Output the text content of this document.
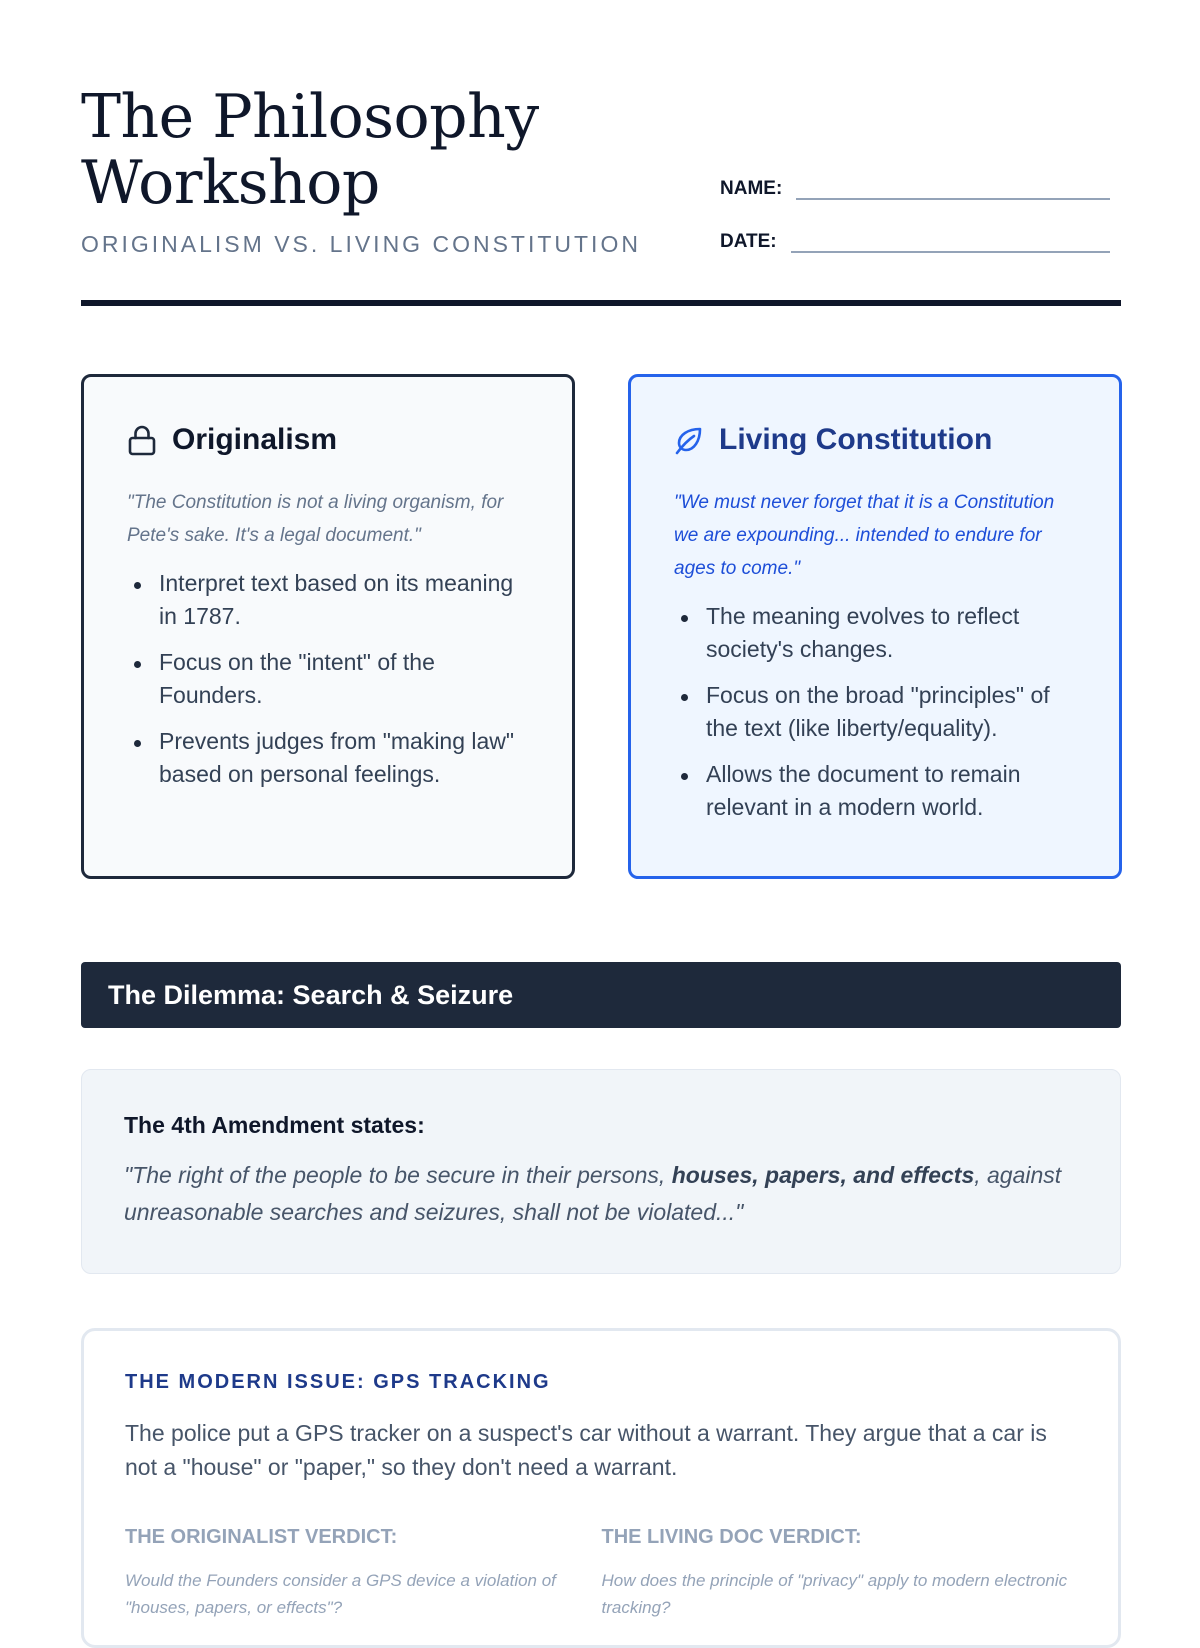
The Philosophy
Workshop
ORIGINALISM VS. LIVING CONSTITUTION
NAME:
DATE:
Originalism

"The Constitution is not a living organism, for Pete's sake. It's a legal document."

Interpret text based on its meaning in 1787.
Focus on the "intent" of the Founders.
Prevents judges from "making law" based on personal feelings.
Living Constitution

"We must never forget that it is a Constitution we are expounding... intended to endure for ages to come."

The meaning evolves to reflect society's changes.
Focus on the broad "principles" of the text (like liberty/equality).
Allows the document to remain relevant in a modern world.
The Dilemma: Search & Seizure
The 4th Amendment states:

"The right of the people to be secure in their persons, houses, papers, and effects, against unreasonable searches and seizures, shall not be violated..."

THE MODERN ISSUE: GPS TRACKING

The police put a GPS tracker on a suspect's car without a warrant. They argue that a car is not a "house" or "paper," so they don't need a warrant.

THE ORIGINALIST VERDICT:

Would the Founders consider a GPS device a violation of "houses, papers, or effects"?

THE LIVING DOC VERDICT:

How does the principle of "privacy" apply to modern electronic tracking?
